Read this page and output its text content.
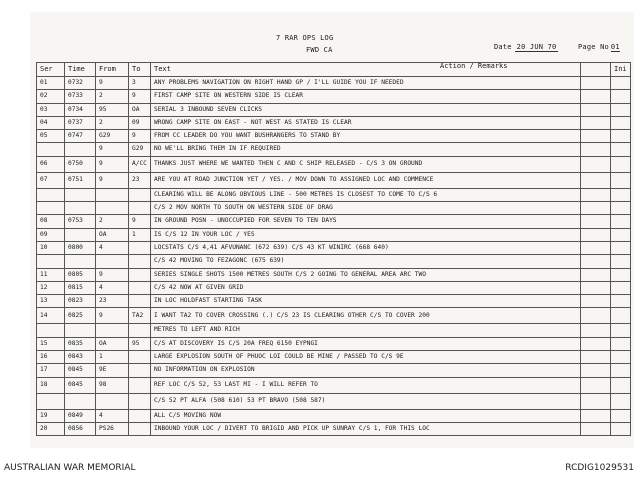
7 RAR OPS LOG
FWD CA	Date 20 JUN 70	Page No 01
Ser	Time	From	To	Text		Ini
01	0732	9	3	ANY PROBLEMS NAVIGATION ON RIGHT HAND GP / I'LL GUIDE YOU IF NEEDED		
02	0733	2	9	FIRST CAMP SITE ON WESTERN SIDE IS CLEAR		
03	0734	95	OA	SERIAL 3 INBOUND SEVEN CLICKS		
04	0737	2	09	WRONG CAMP SITE ON EAST - NOT WEST AS STATED IS CLEAR		
05	0747	G29	9	FROM CC LEADER DO YOU WANT BUSHRANGERS TO STAND BY		
		9	G29	NO WE'LL BRING THEM IN IF REQUIRED		
06	0750	9	A/CC	THANKS JUST WHERE WE WANTED THEN C AND C SHIP RELEASED - C/S 3 ON GROUND		
07	0751	9	23	ARE YOU AT ROAD JUNCTION YET / YES. / MOV DOWN TO ASSIGNED LOC AND COMMENCE		
				CLEARING WILL BE ALONG OBVIOUS LINE - 500 METRES IS CLOSEST TO COME TO C/S 6		
				C/S 2 MOV NORTH TO SOUTH ON WESTERN SIDE OF DRAG		
08	0753	2	9	IN GROUND POSN - UNOCCUPIED FOR SEVEN TO TEN DAYS		
09		OA	1	IS C/S 12 IN YOUR LOC / YES		
10	0800	4		LOCSTATS C/S 4,41 AFVUNANC (672 639) C/S 43 KT WINIRC (668 640)		
				C/S 42 MOVING TO FEZAGONC (675 639)		
11	0805	9		SERIES SINGLE SHOTS 1500 METRES SOUTH C/S 2 GOING TO GENERAL AREA ARC TWO		
12	0815	4		C/S 42 NOW AT GIVEN GRID		
13	0823	23		IN LOC HOLDFAST STARTING TASK		
14	0825	9	TA2	I WANT TA2 TO COVER CROSSING (.) C/S 23 IS CLEARING OTHER C/S TO COVER 200		
				METRES TO LEFT AND RICH		
15	0835	OA	95	C/S AT DISCOVERY IS C/S 20A FREQ 6150 EYPNGI		
16	0843	1		LARGE EXPLOSION SOUTH OF PHUOC LOI COULD BE MINE / PASSED TO C/S 9E		
17	0845	9E		NO INFORMATION ON EXPLOSION		
18	0845	98		REF LOC C/S 52, 53 LAST MI - I WILL REFER TO		
				C/S 52 PT ALFA (508 610) 53 PT BRAVO (508 587)		
19	0849	4		ALL C/S MOVING NOW		
20	0856	PS26		INBOUND YOUR LOC / DIVERT TO BRIGID AND PICK UP SUNRAY C/S 1, FOR THIS LOC		
Action / Remarks
AUSTRALIAN WAR MEMORIAL	RCDIG1029531
